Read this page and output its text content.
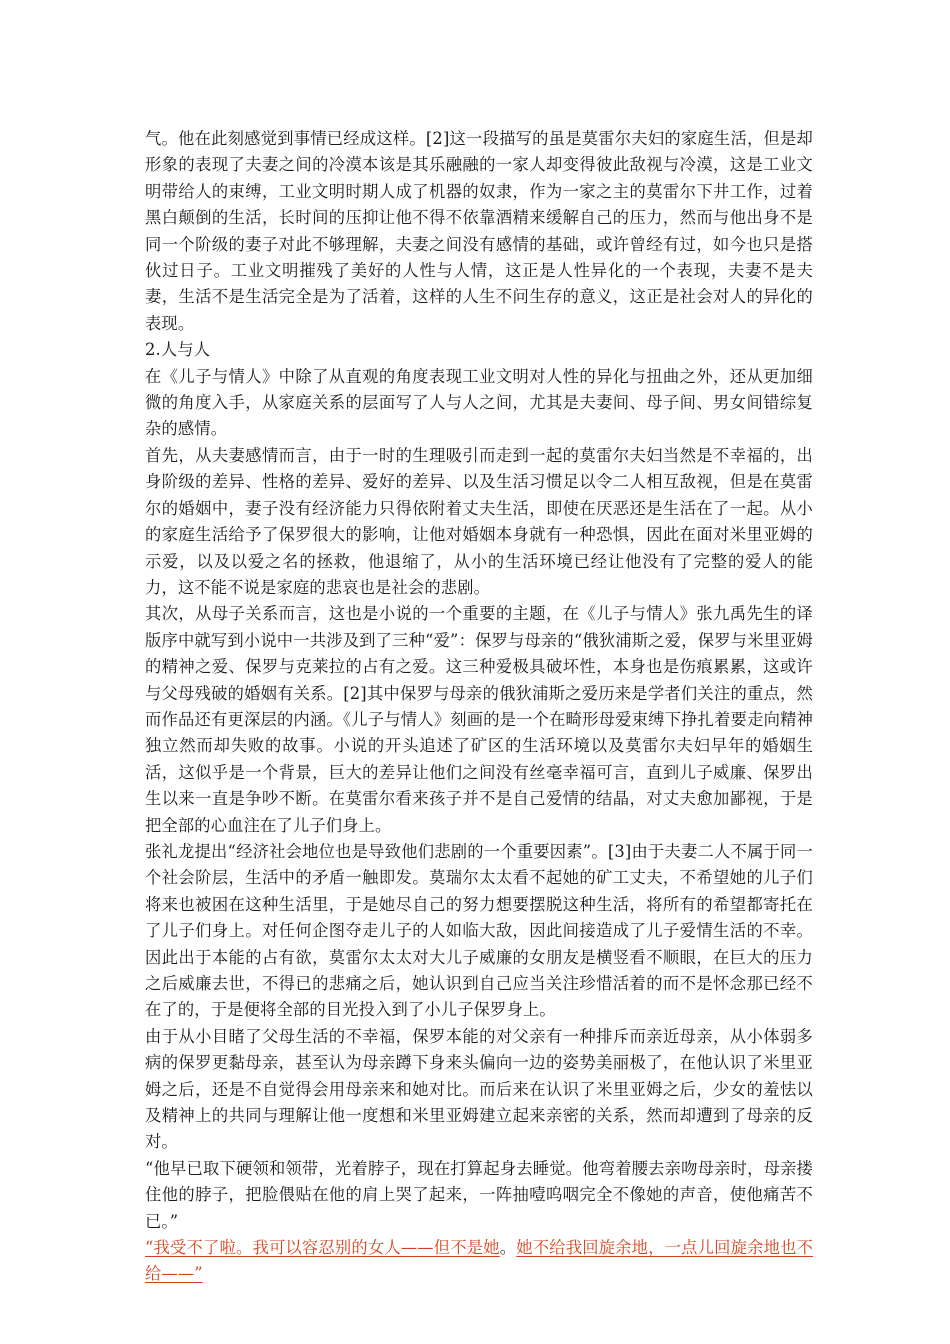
气。他在此刻感觉到事情已经成这样。[2]这一段描写的虽是莫雷尔夫妇的家庭生活，但是却形象的表现了夫妻之间的冷漠本该是其乐融融的一家人却变得彼此敌视与冷漠，这是工业文明带给人的束缚，工业文明时期人成了机器的奴隶，作为一家之主的莫雷尔下井工作，过着黑白颠倒的生活，长时间的压抑让他不得不依靠酒精来缓解自己的压力，然而与他出身不是同一个阶级的妻子对此不够理解，夫妻之间没有感情的基础，或许曾经有过，如今也只是搭伙过日子。工业文明摧残了美好的人性与人情，这正是人性异化的一个表现，夫妻不是夫妻，生活不是生活完全是为了活着，这样的人生不问生存的意义，这正是社会对人的异化的表现。

2.人与人

在《儿子与情人》中除了从直观的角度表现工业文明对人性的异化与扭曲之外，还从更加细微的角度入手，从家庭关系的层面写了人与人之间，尤其是夫妻间、母子间、男女间错综复杂的感情。

首先，从夫妻感情而言，由于一时的生理吸引而走到一起的莫雷尔夫妇当然是不幸福的，出身阶级的差异、性格的差异、爱好的差异、以及生活习惯足以令二人相互敌视，但是在莫雷尔的婚姻中，妻子没有经济能力只得依附着丈夫生活，即使在厌恶还是生活在了一起。从小的家庭生活给予了保罗很大的影响，让他对婚姻本身就有一种恐惧，因此在面对米里亚姆的示爱，以及以爱之名的拯救，他退缩了，从小的生活环境已经让他没有了完整的爱人的能力，这不能不说是家庭的悲哀也是社会的悲剧。

其次，从母子关系而言，这也是小说的一个重要的主题，在《儿子与情人》张九禹先生的译版序中就写到小说中一共涉及到了三种“爱”：保罗与母亲的“俄狄浦斯之爱，保罗与米里亚姆的精神之爱、保罗与克莱拉的占有之爱。这三种爱极具破坏性，本身也是伤痕累累，这或许与父母残破的婚姻有关系。[2]其中保罗与母亲的俄狄浦斯之爱历来是学者们关注的重点，然而作品还有更深层的内涵。《儿子与情人》刻画的是一个在畸形母爱束缚下挣扎着要走向精神独立然而却失败的故事。小说的开头追述了矿区的生活环境以及莫雷尔夫妇早年的婚姻生活，这似乎是一个背景，巨大的差异让他们之间没有丝毫幸福可言，直到儿子威廉、保罗出生以来一直是争吵不断。在莫雷尔看来孩子并不是自己爱情的结晶，对丈夫愈加鄙视，于是把全部的心血注在了儿子们身上。

张礼龙提出“经济社会地位也是导致他们悲剧的一个重要因素”。[3]由于夫妻二人不属于同一个社会阶层，生活中的矛盾一触即发。莫瑞尔太太看不起她的矿工丈夫，不希望她的儿子们将来也被困在这种生活里，于是她尽自己的努力想要摆脱这种生活，将所有的希望都寄托在了儿子们身上。对任何企图夺走儿子的人如临大敌，因此间接造成了儿子爱情生活的不幸。因此出于本能的占有欲，莫雷尔太太对大儿子威廉的女朋友是横竖看不顺眼，在巨大的压力之后威廉去世，不得已的悲痛之后，她认识到自己应当关注珍惜活着的而不是怀念那已经不在了的，于是便将全部的目光投入到了小儿子保罗身上。

由于从小目睹了父母生活的不幸福，保罗本能的对父亲有一种排斥而亲近母亲，从小体弱多病的保罗更黏母亲，甚至认为母亲蹲下身来头偏向一边的姿势美丽极了，在他认识了米里亚姆之后，还是不自觉得会用母亲来和她对比。而后来在认识了米里亚姆之后，少女的羞怯以及精神上的共同与理解让他一度想和米里亚姆建立起来亲密的关系，然而却遭到了母亲的反对。

“他早已取下硬领和领带，光着脖子，现在打算起身去睡觉。他弯着腰去亲吻母亲时，母亲搂住他的脖子，把脸偎贴在他的肩上哭了起来，一阵抽噎呜咽完全不像她的声音，使他痛苦不已。”

“我受不了啦。我可以容忍别的女人——但不是她。她不给我回旋余地，一点儿回旋余地也不给——”
